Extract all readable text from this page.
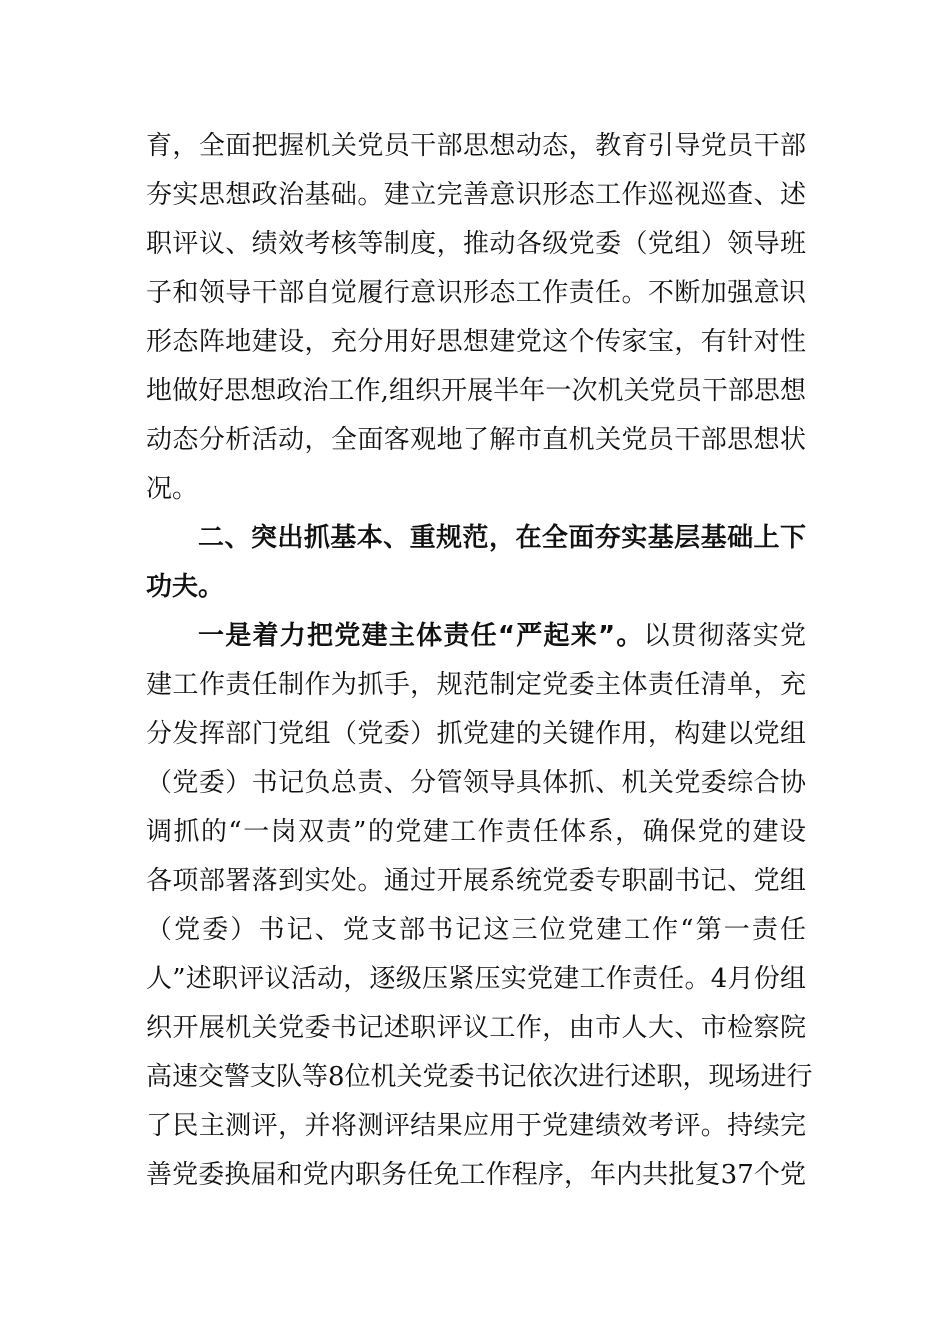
育，全面把握机关党员干部思想动态，教育引导党员干部
夯实思想政治基础。建立完善意识形态工作巡视巡查、述
职评议、绩效考核等制度，推动各级党委（党组）领导班
子和领导干部自觉履行意识形态工作责任。不断加强意识
形态阵地建设，充分用好思想建党这个传家宝，有针对性
地做好思想政治工作,组织开展半年一次机关党员干部思想
动态分析活动，全面客观地了解市直机关党员干部思想状
况。
二、突出抓基本、重规范，在全面夯实基层基础上下
功夫。
一是着力把党建主体责任“严起来”。以贯彻落实党
建工作责任制作为抓手，规范制定党委主体责任清单，充
分发挥部门党组（党委）抓党建的关键作用，构建以党组
（党委）书记负总责、分管领导具体抓、机关党委综合协
调抓的“一岗双责”的党建工作责任体系，确保党的建设
各项部署落到实处。通过开展系统党委专职副书记、党组
（党委）书记、党支部书记这三位党建工作“第一责任
人”述职评议活动，逐级压紧压实党建工作责任。4月份组
织开展机关党委书记述职评议工作，由市人大、市检察院
高速交警支队等8位机关党委书记依次进行述职，现场进行
了民主测评，并将测评结果应用于党建绩效考评。持续完
善党委换届和党内职务任免工作程序，年内共批复37个党
